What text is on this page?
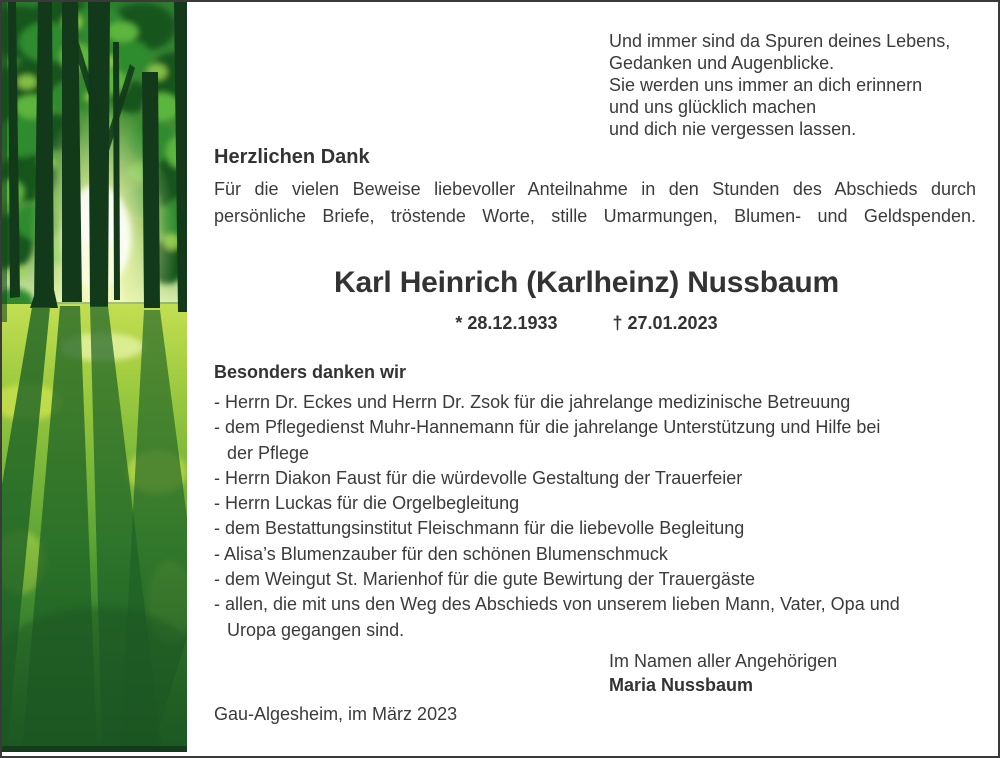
Und immer sind da Spuren deines Lebens,
Gedanken und Augenblicke.
Sie werden uns immer an dich erinnern
und uns glücklich machen
und dich nie vergessen lassen.
Herzlichen Dank
Für die vielen Beweise liebevoller Anteilnahme in den Stunden des Abschieds durch
persönliche Briefe, tröstende Worte, stille Umarmungen, Blumen- und Geldspenden.
Karl Heinrich (Karlheinz) Nussbaum
* 28.12.1933	† 27.01.2023
Besonders danken wir
- Herrn Dr. Eckes und Herrn Dr. Zsok für die jahrelange medizinische Betreuung
- dem Pflegedienst Muhr-Hannemann für die jahrelange Unterstützung und Hilfe bei der Pflege
- Herrn Diakon Faust für die würdevolle Gestaltung der Trauerfeier
- Herrn Luckas für die Orgelbegleitung
- dem Bestattungsinstitut Fleischmann für die liebevolle Begleitung
- Alisa’s Blumenzauber für den schönen Blumenschmuck
- dem Weingut St. Marienhof für die gute Bewirtung der Trauergäste
- allen, die mit uns den Weg des Abschieds von unserem lieben Mann, Vater, Opa und Uropa gegangen sind.
Im Namen aller Angehörigen
Maria Nussbaum
Gau-Algesheim, im März 2023
